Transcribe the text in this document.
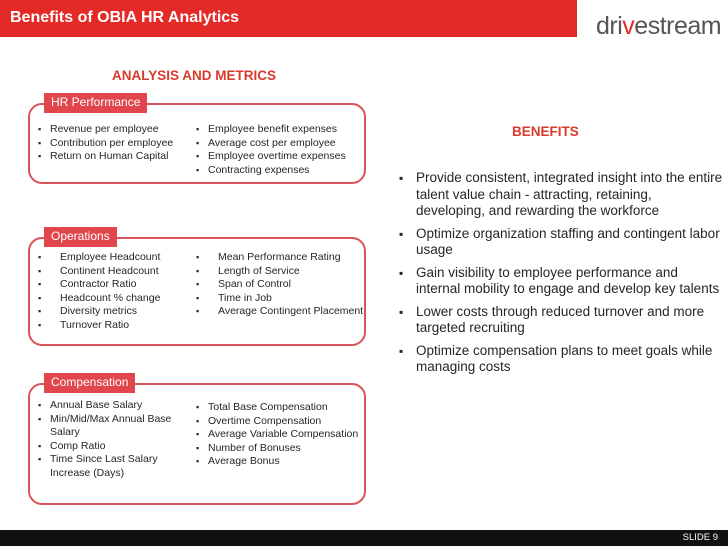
Benefits of OBIA HR Analytics	drivestream
ANALYSIS AND METRICS
HR Performance
▪ Revenue per employee
▪ Contribution per employee
▪ Return on Human Capital
▪ Employee benefit expenses
▪ Average cost per employee
▪ Employee overtime expenses
▪ Contracting expenses
Operations
▪ Employee Headcount
▪ Continent Headcount
▪ Contractor Ratio
▪ Headcount % change
▪ Diversity metrics
▪ Turnover Ratio
▪ Mean Performance Rating
▪ Length of Service
▪ Span of Control
▪ Time in Job
▪ Average Contingent Placement
Compensation
▪ Annual Base Salary
▪ Min/Mid/Max Annual Base Salary
▪ Comp Ratio
▪ Time Since Last Salary Increase (Days)
▪ Total Base Compensation
▪ Overtime Compensation
▪ Average Variable Compensation
▪ Number of Bonuses
▪ Average Bonus
BENEFITS
▪ Provide consistent, integrated insight into the entire talent value chain - attracting, retaining, developing, and rewarding the workforce
▪ Optimize organization staffing and contingent labor usage
▪ Gain visibility to employee performance and internal mobility to engage and develop key talents
▪ Lower costs through reduced turnover and more targeted recruiting
▪ Optimize compensation plans to meet goals while managing costs
SLIDE 9
